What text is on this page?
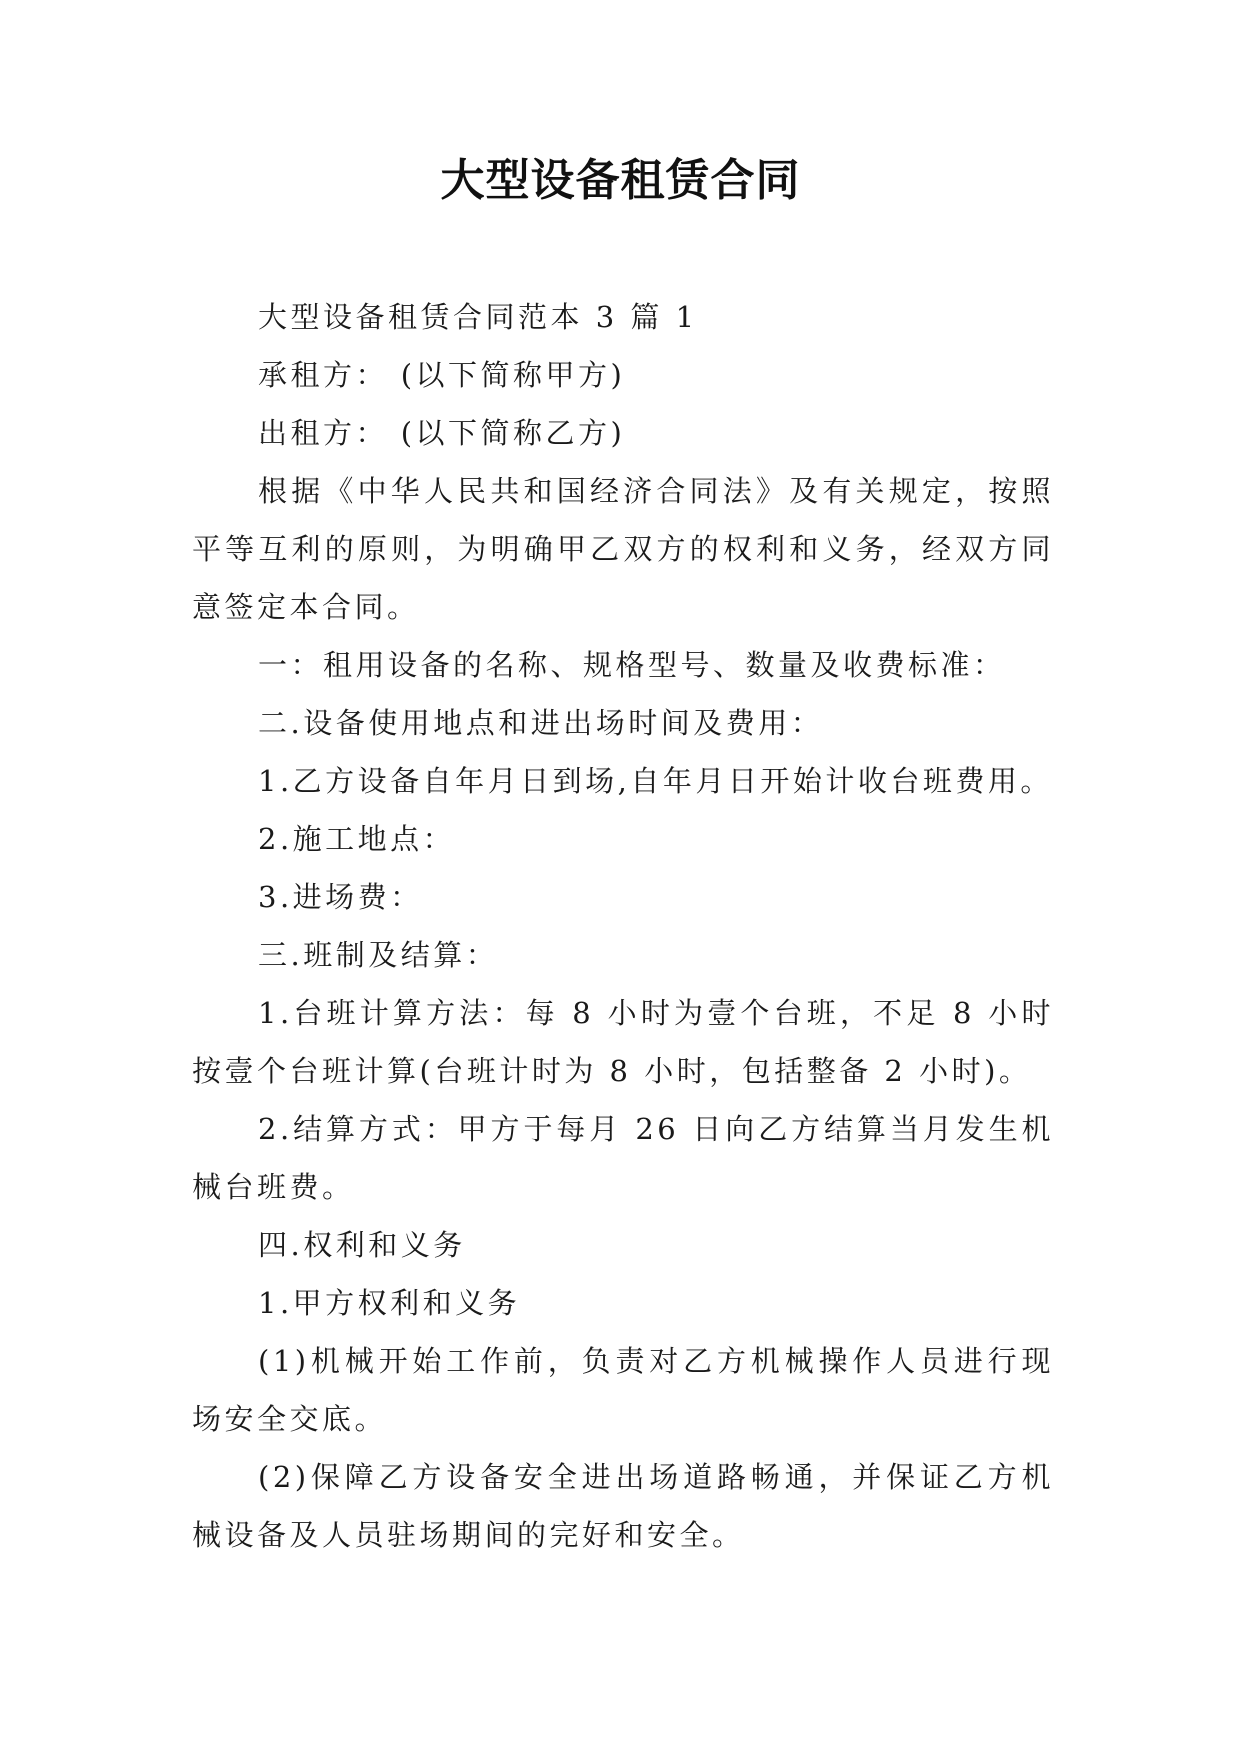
大型设备租赁合同

大型设备租赁合同范本 3 篇 1

承租方： (以下简称甲方)

出租方： (以下简称乙方)

根据《中华人民共和国经济合同法》及有关规定，按照平等互利的原则，为明确甲乙双方的权利和义务，经双方同意签定本合同。

一：租用设备的名称、规格型号、数量及收费标准：

二.设备使用地点和进出场时间及费用：

1.乙方设备自年月日到场,自年月日开始计收台班费用。

2.施工地点：

3.进场费：

三.班制及结算：

1.台班计算方法：每 8 小时为壹个台班，不足 8 小时按壹个台班计算(台班计时为 8 小时，包括整备 2 小时)。

2.结算方式：甲方于每月 26 日向乙方结算当月发生机械台班费。

四.权利和义务

1.甲方权利和义务

(1)机械开始工作前，负责对乙方机械操作人员进行现场安全交底。

(2)保障乙方设备安全进出场道路畅通，并保证乙方机械设备及人员驻场期间的完好和安全。
